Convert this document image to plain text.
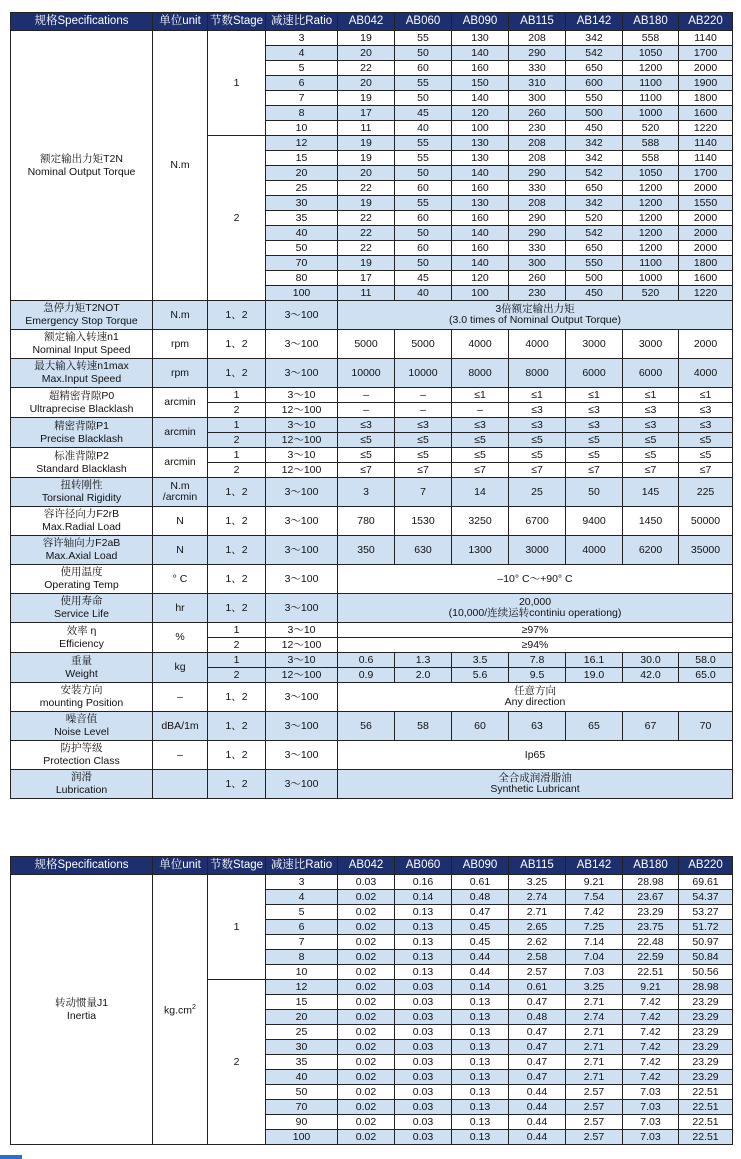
规格Specifications	单位unit	节数Stage	减速比Ratio	AB042	AB060	AB090	AB115	AB142	AB180	AB220
额定输出力矩T2N
Nominal Output Torque	N.m	1	3	19	55	130	208	342	558	1140
			4	20	50	140	290	542	1050	1700
			5	22	60	160	330	650	1200	2000
			6	20	55	150	310	600	1100	1900
			7	19	50	140	300	550	1100	1800
			8	17	45	120	260	500	1000	1600
			10	11	40	100	230	450	520	1220
		2	12	19	55	130	208	342	588	1140
			15	19	55	130	208	342	558	1140
			20	20	50	140	290	542	1050	1700
			25	22	60	160	330	650	1200	2000
			30	19	55	130	208	342	1200	1550
			35	22	60	160	290	520	1200	2000
			40	22	50	140	290	542	1200	2000
			50	22	60	160	330	650	1200	2000
			70	19	50	140	300	550	1100	1800
			80	17	45	120	260	500	1000	1600
			100	11	40	100	230	450	520	1220
急停力矩T2NOT
Emergency Stop Torque	N.m	1、2	3～100	3倍额定输出力矩
(3.0 times of Nominal Output Torque)						
额定输入转速n1
Nominal Input Speed	rpm	1、2	3～100	5000	5000	4000	4000	3000	3000	2000
最大输入转速n1max
Max.Input Speed	rpm	1、2	3～100	10000	10000	8000	8000	6000	6000	4000
超精密背隙P0
Ultraprecise Blacklash	arcmin	1	3～10	–	–	≤1	≤1	≤1	≤1	≤1
		2	12～100	–	–	–	≤3	≤3	≤3	≤3
精密背隙P1
Precise Blacklash	arcmin	1	3～10	≤3	≤3	≤3	≤3	≤3	≤3	≤3
		2	12～100	≤5	≤5	≤5	≤5	≤5	≤5	≤5
标准背隙P2
Standard Blacklash	arcmin	1	3～10	≤5	≤5	≤5	≤5	≤5	≤5	≤5
		2	12～100	≤7	≤7	≤7	≤7	≤7	≤7	≤7
扭转刚性
Torsional Rigidity	N.m
/arcmin	1、2	3～100	3	7	14	25	50	145	225
容许径向力F2rB
Max.Radial Load	N	1、2	3～100	780	1530	3250	6700	9400	1450	50000
容许轴向力F2aB
Max.Axial Load	N	1、2	3～100	350	630	1300	3000	4000	6200	35000
使用温度
Operating Temp	° C	1、2	3～100	–10° C～+90° C						
使用寿命
Service Life	hr	1、2	3～100	20,000
(10,000/连续运转continiu operationg)						
效率 η
Efficiency	%	1	3～10	≥97%						
		2	12～100	≥94%						
重量
Weight	kg	1	3～10	0.6	1.3	3.5	7.8	16.1	30.0	58.0
		2	12～100	0.9	2.0	5.6	9.5	19.0	42.0	65.0
安装方向
mounting Position	–	1、2	3～100	任意方向
Any direction						
噪音值
Noise Level	dBA/1m	1、2	3～100	56	58	60	63	65	67	70
防护等级
Protection Class	–	1、2	3～100	Ip65						
润滑
Lubrication		1、2	3～100	全合成润滑脂油
Synthetic Lubricant						
规格Specifications	单位unit	节数Stage	减速比Ratio	AB042	AB060	AB090	AB115	AB142	AB180	AB220
转动惯量J1
Inertia	$kg.cm^2$	1	3	0.03	0.16	0.61	3.25	9.21	28.98	69.61
			4	0.02	0.14	0.48	2.74	7.54	23.67	54.37
			5	0.02	0.13	0.47	2.71	7.42	23.29	53.27
			6	0.02	0.13	0.45	2.65	7.25	23.75	51.72
			7	0.02	0.13	0.45	2.62	7.14	22.48	50.97
			8	0.02	0.13	0.44	2.58	7.04	22.59	50.84
			10	0.02	0.13	0.44	2.57	7.03	22.51	50.56
		2	12	0.02	0.03	0.14	0.61	3.25	9.21	28.98
			15	0.02	0.03	0.13	0.47	2.71	7.42	23.29
			20	0.02	0.03	0.13	0.48	2.74	7.42	23.29
			25	0.02	0.03	0.13	0.47	2.71	7.42	23.29
			30	0.02	0.03	0.13	0.47	2.71	7.42	23.29
			35	0.02	0.03	0.13	0.47	2.71	7.42	23.29
			40	0.02	0.03	0.13	0.47	2.71	7.42	23.29
			50	0.02	0.03	0.13	0.44	2.57	7.03	22.51
			70	0.02	0.03	0.13	0.44	2.57	7.03	22.51
			90	0.02	0.03	0.13	0.44	2.57	7.03	22.51
			100	0.02	0.03	0.13	0.44	2.57	7.03	22.51
